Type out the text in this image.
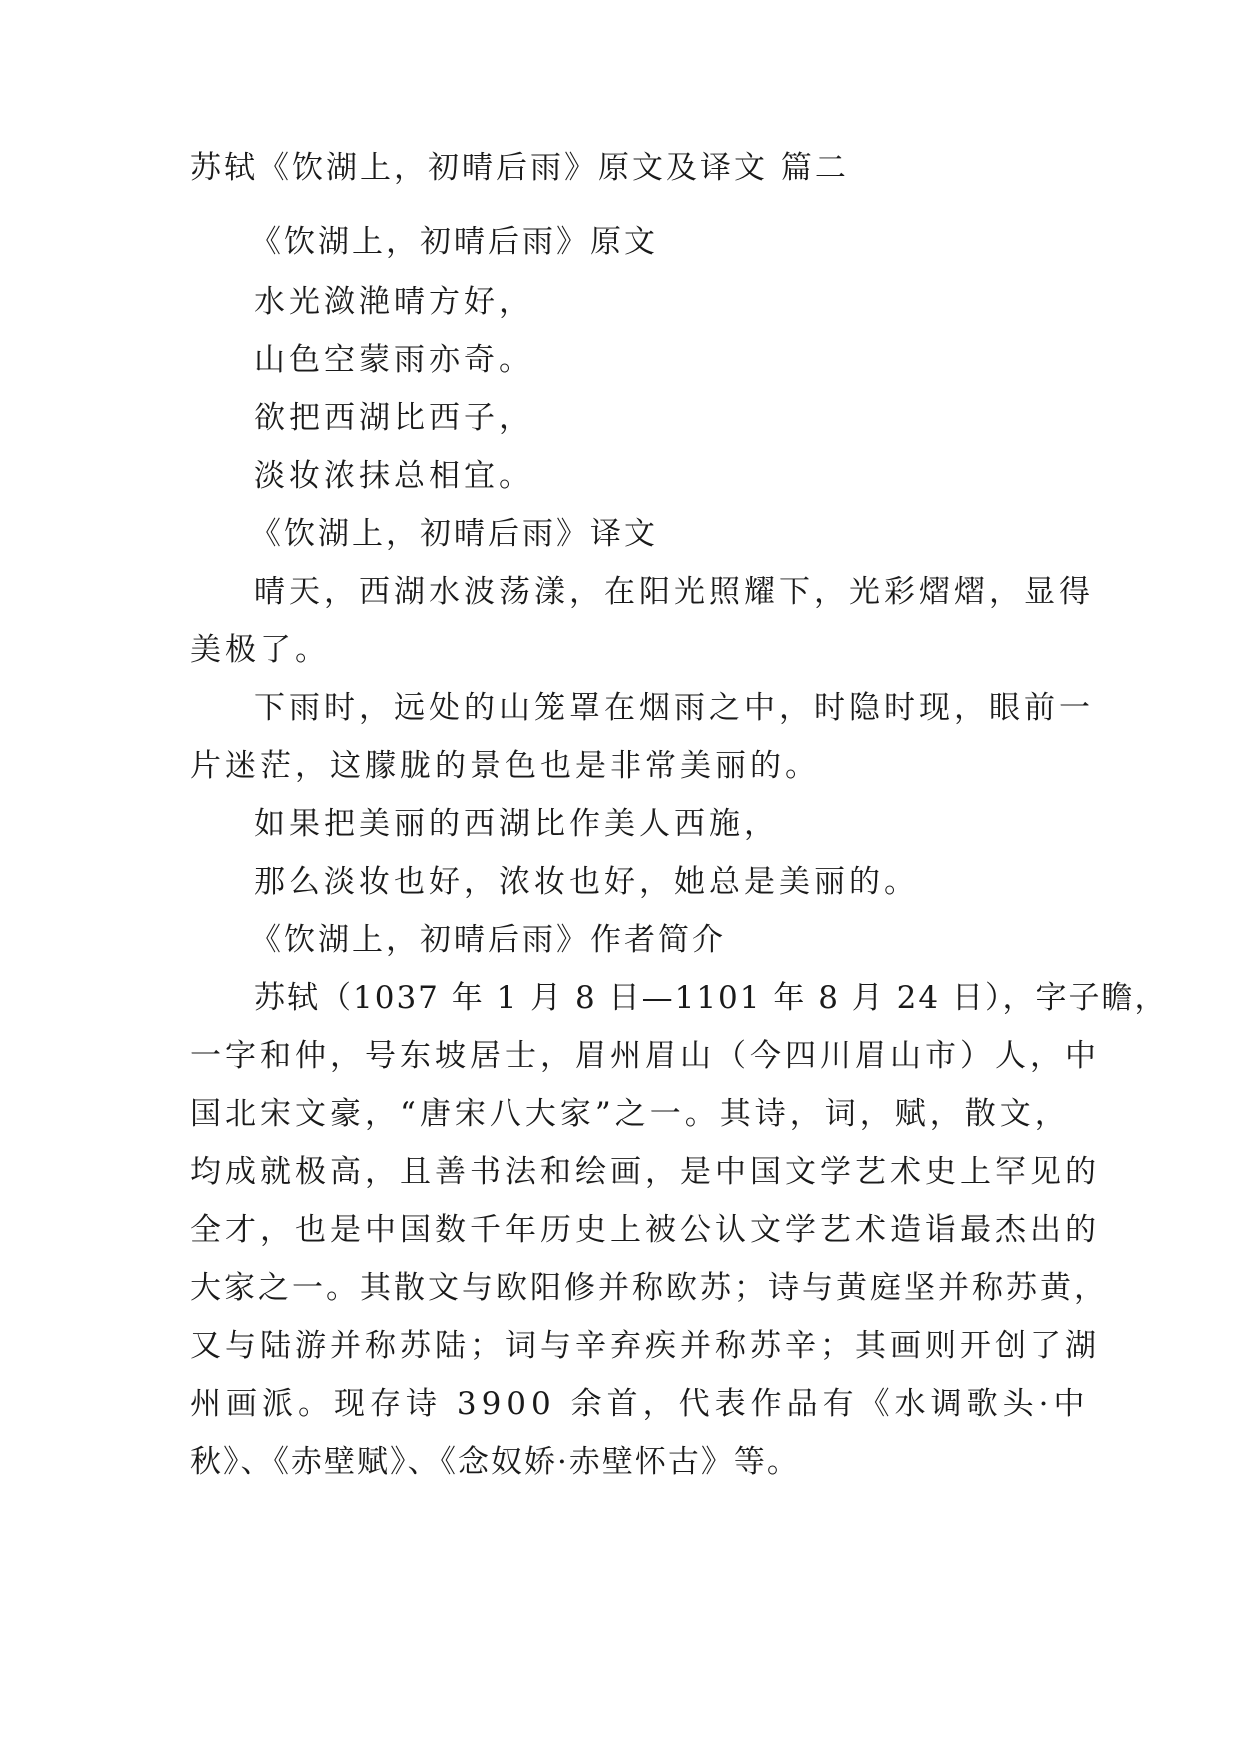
苏轼《饮湖上，初晴后雨》原文及译文 篇二
《饮湖上，初晴后雨》原文
水光潋滟晴方好，
山色空蒙雨亦奇。
欲把西湖比西子，
淡妆浓抹总相宜。
《饮湖上，初晴后雨》译文
晴天，西湖水波荡漾，在阳光照耀下，光彩熠熠，显得
美极了。
下雨时，远处的山笼罩在烟雨之中，时隐时现，眼前一
片迷茫，这朦胧的景色也是非常美丽的。
如果把美丽的西湖比作美人西施，
那么淡妆也好，浓妆也好，她总是美丽的。
《饮湖上，初晴后雨》作者简介
苏轼（1037 年 1 月 8 日—1101 年 8 月 24 日），字子瞻，
一字和仲，号东坡居士，眉州眉山（今四川眉山市）人，中
国北宋文豪，“唐宋八大家”之一。其诗，词，赋，散文，
均成就极高，且善书法和绘画，是中国文学艺术史上罕见的
全才，也是中国数千年历史上被公认文学艺术造诣最杰出的
大家之一。其散文与欧阳修并称欧苏；诗与黄庭坚并称苏黄，
又与陆游并称苏陆；词与辛弃疾并称苏辛；其画则开创了湖
州画派。现存诗 3900 余首，代表作品有《水调歌头·中
秋》、《赤壁赋》、《念奴娇·赤壁怀古》等。
